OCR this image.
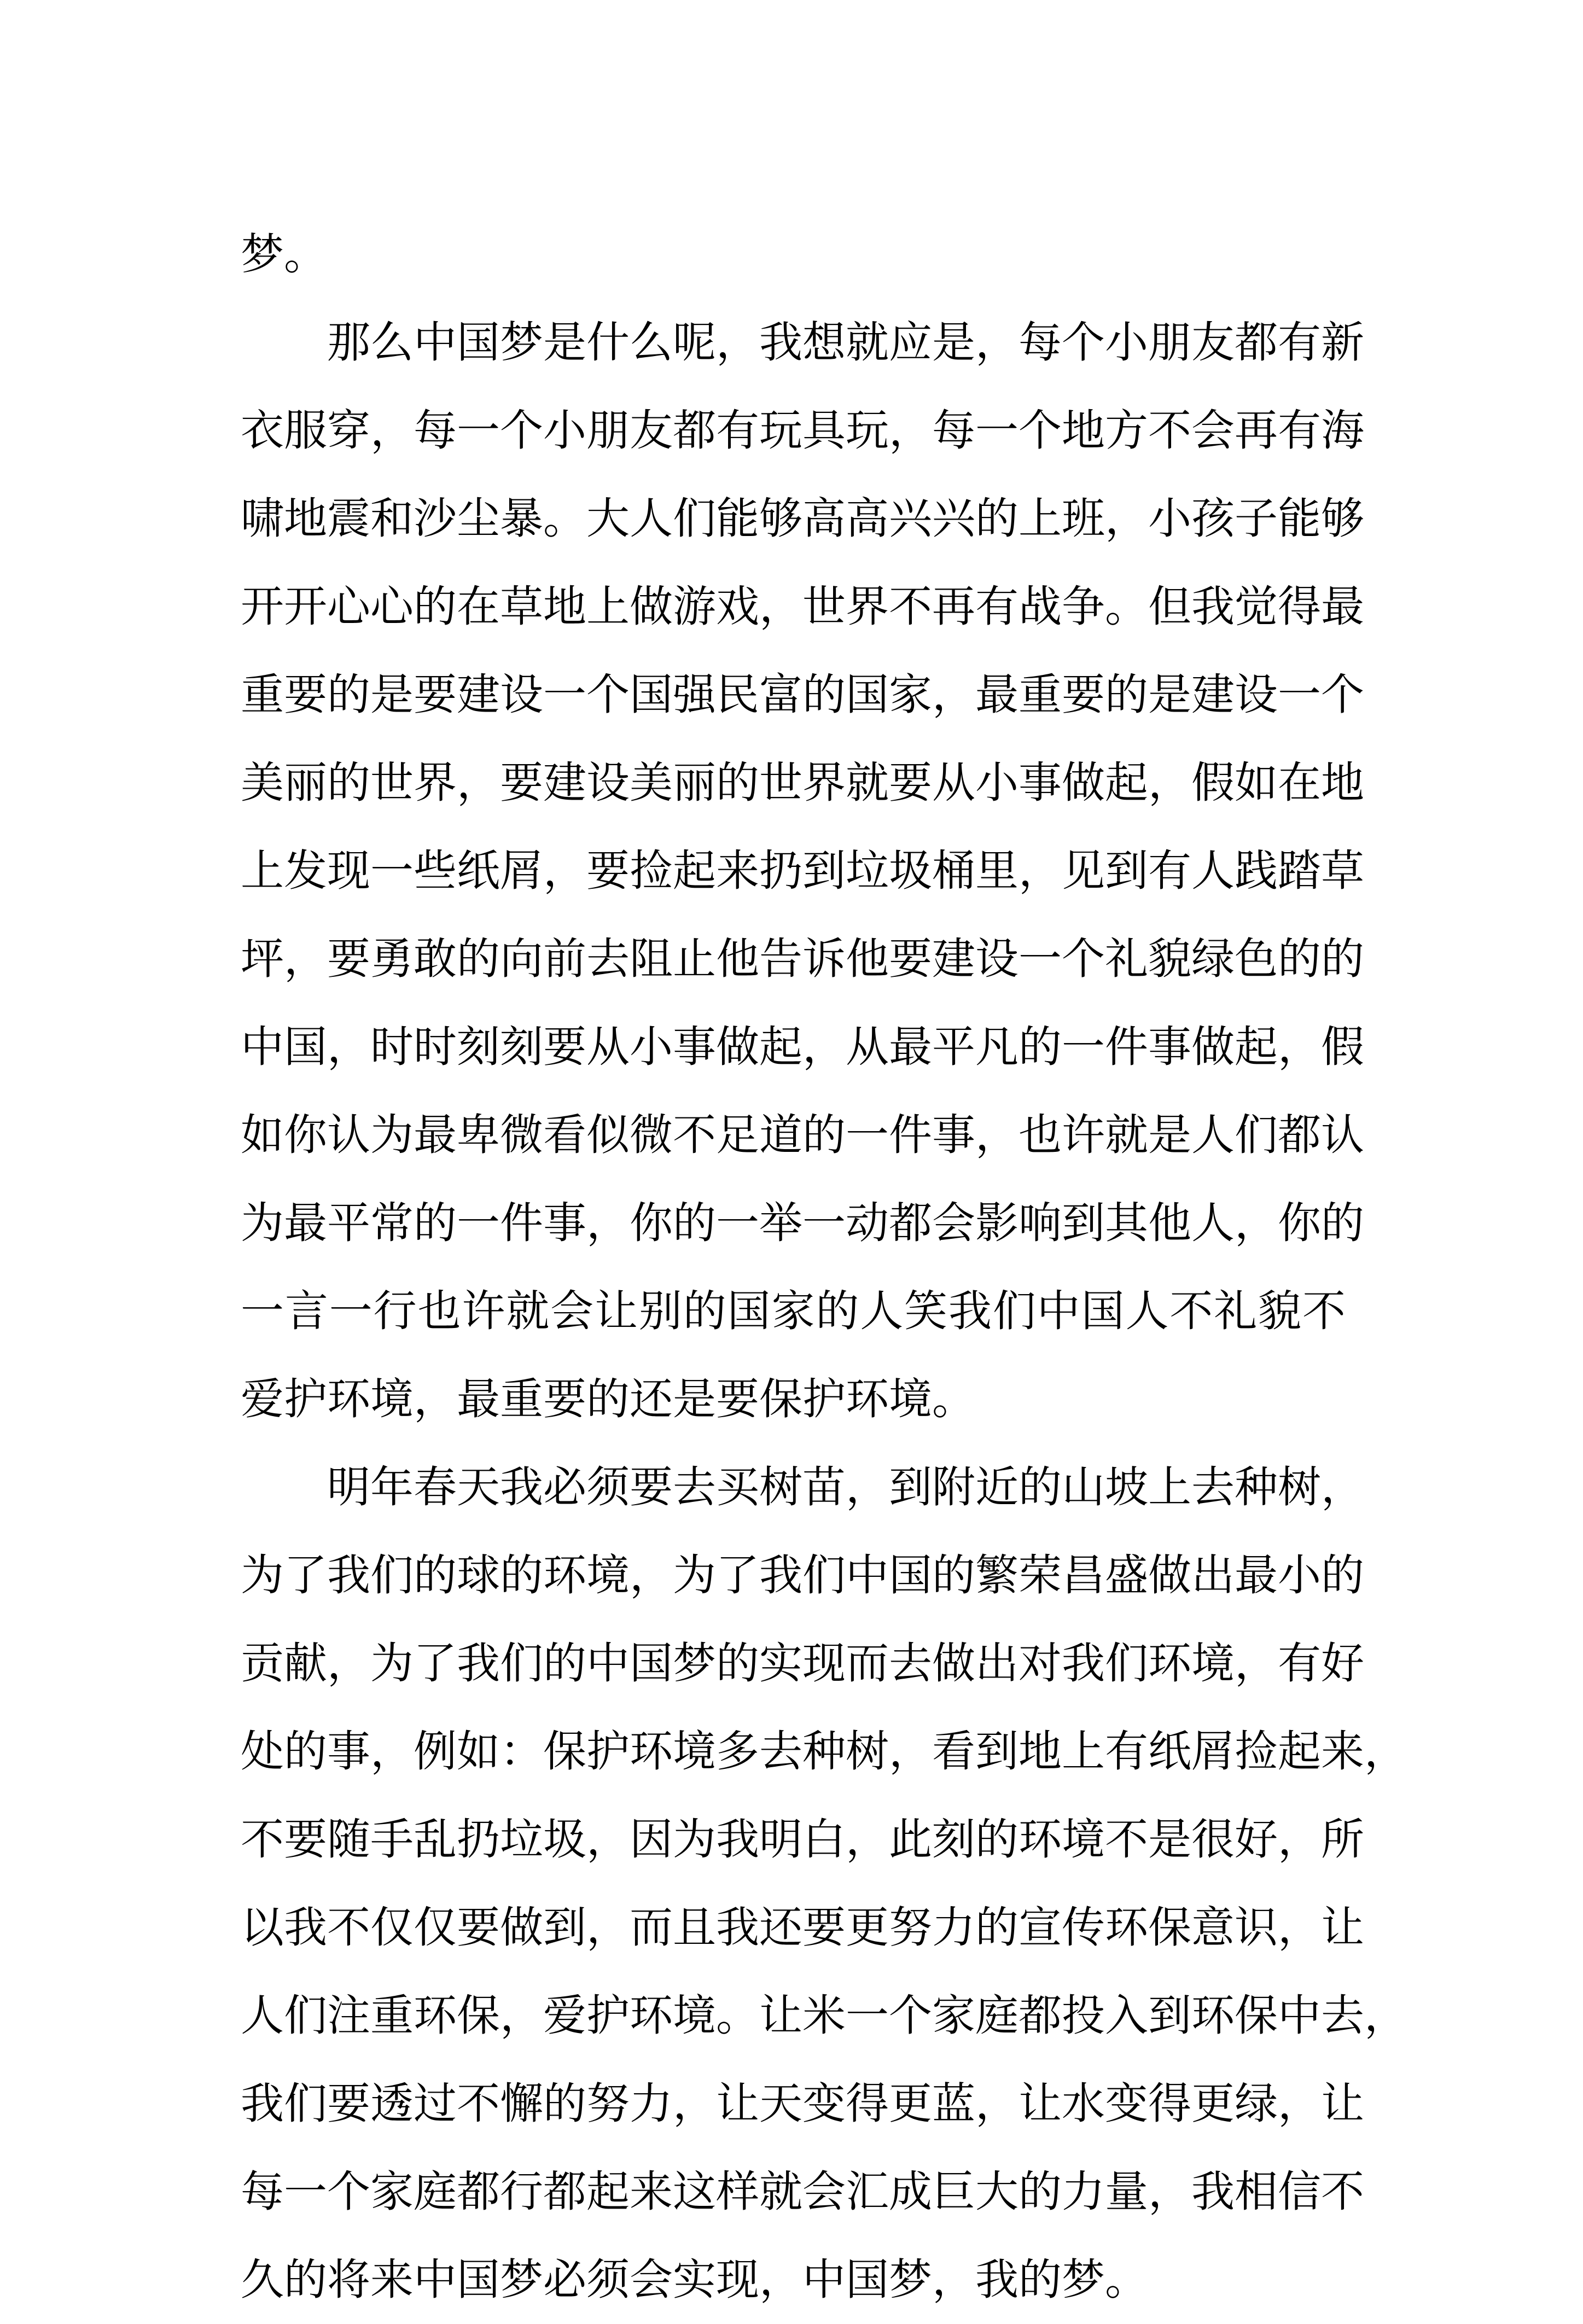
梦。
那么中国梦是什么呢，我想就应是，每个小朋友都有新
衣服穿，每一个小朋友都有玩具玩，每一个地方不会再有海
啸地震和沙尘暴。大人们能够高高兴兴的上班，小孩子能够
开开心心的在草地上做游戏，世界不再有战争。但我觉得最
重要的是要建设一个国强民富的国家，最重要的是建设一个
美丽的世界，要建设美丽的世界就要从小事做起，假如在地
上发现一些纸屑，要捡起来扔到垃圾桶里，见到有人践踏草
坪，要勇敢的向前去阻止他告诉他要建设一个礼貌绿色的的
中国，时时刻刻要从小事做起，从最平凡的一件事做起，假
如你认为最卑微看似微不足道的一件事，也许就是人们都认
为最平常的一件事，你的一举一动都会影响到其他人，你的
一言一行也许就会让别的国家的人笑我们中国人不礼貌不
爱护环境，最重要的还是要保护环境。
明年春天我必须要去买树苗，到附近的山坡上去种树，
为了我们的球的环境，为了我们中国的繁荣昌盛做出最小的
贡献，为了我们的中国梦的实现而去做出对我们环境，有好
处的事，例如：保护环境多去种树，看到地上有纸屑捡起来，
不要随手乱扔垃圾，因为我明白，此刻的环境不是很好，所
以我不仅仅要做到，而且我还要更努力的宣传环保意识，让
人们注重环保，爱护环境。让米一个家庭都投入到环保中去，
我们要透过不懈的努力，让天变得更蓝，让水变得更绿，让
每一个家庭都行都起来这样就会汇成巨大的力量，我相信不
久的将来中国梦必须会实现，中国梦，我的梦。
